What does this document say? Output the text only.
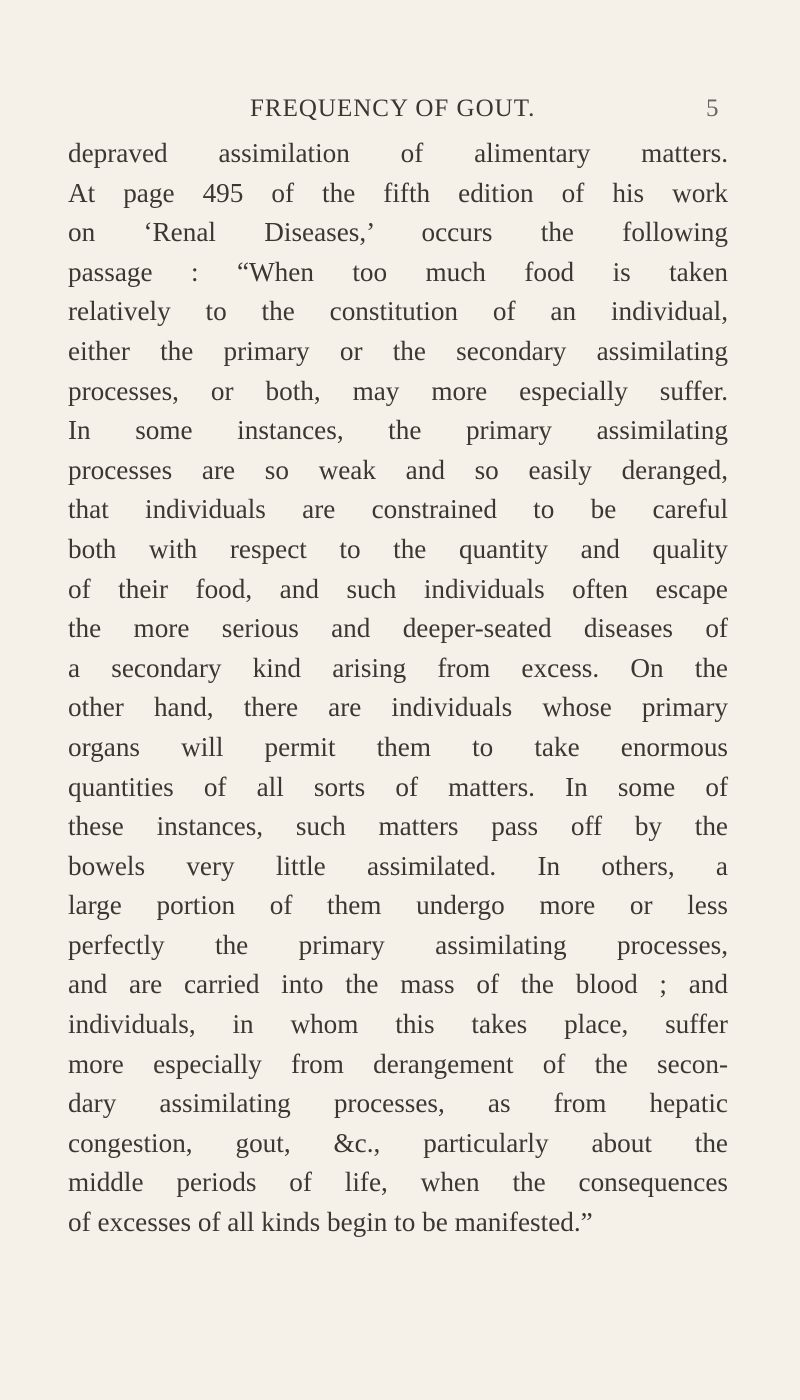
FREQUENCY OF GOUT.	5
depraved assimilation of alimentary matters.
At page 495 of the fifth edition of his work
on ‘Renal Diseases,’ occurs the following
passage : “When too much food is taken
relatively to the constitution of an individual,
either the primary or the secondary assimilating
processes, or both, may more especially suffer.
In some instances, the primary assimilating
processes are so weak and so easily deranged,
that individuals are constrained to be careful
both with respect to the quantity and quality
of their food, and such individuals often escape
the more serious and deeper-seated diseases of
a secondary kind arising from excess. On the
other hand, there are individuals whose primary
organs will permit them to take enormous
quantities of all sorts of matters. In some of
these instances, such matters pass off by the
bowels very little assimilated. In others, a
large portion of them undergo more or less
perfectly the primary assimilating processes,
and are carried into the mass of the blood ; and
individuals, in whom this takes place, suffer
more especially from derangement of the secon-
dary assimilating processes, as from hepatic
congestion, gout, &c., particularly about the
middle periods of life, when the consequences
of excesses of all kinds begin to be manifested.”
